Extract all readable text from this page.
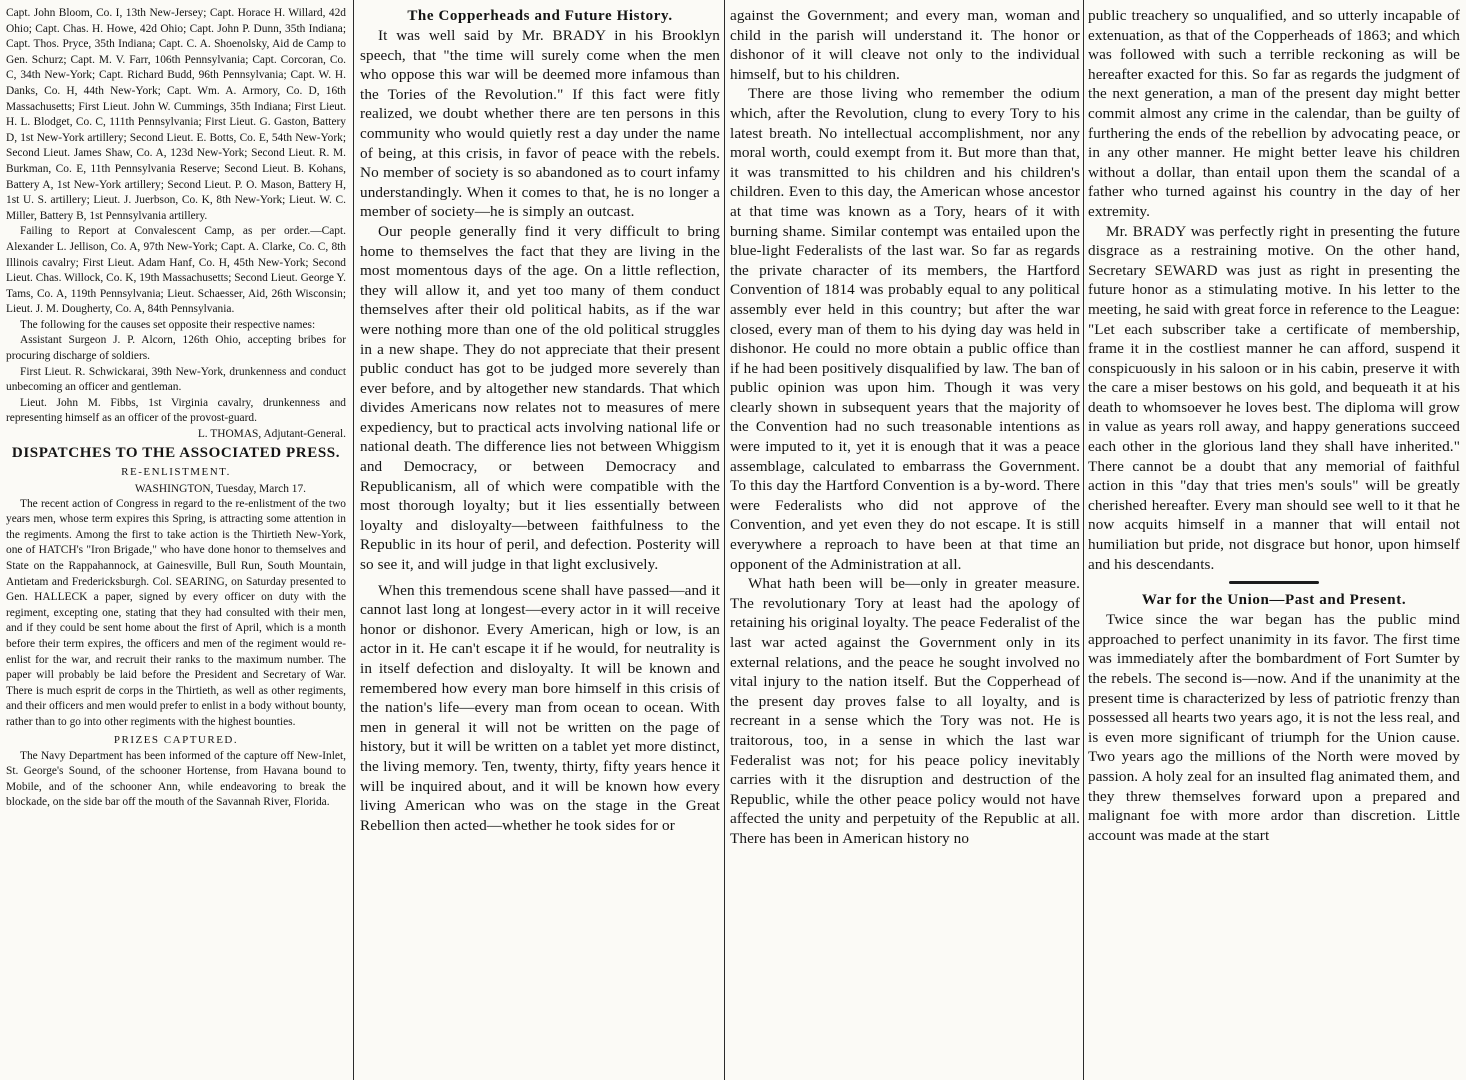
Capt. John Bloom, Co. I, 13th New-Jersey; Capt. Horace H. Willard, 42d Ohio; Capt. Chas. H. Howe, 42d Ohio; Capt. John P. Dunn, 35th Indiana; Capt. Thos. Pryce, 35th Indiana; Capt. C. A. Shoenolsky, Aid de Camp to Gen. Schurz; Capt. M. V. Farr, 106th Pennsylvania; Capt. Corcoran, Co. C, 34th New-York; Capt. Richard Budd, 96th Pennsylvania; Capt. W. H. Danks, Co. H, 44th New-York; Capt. Wm. A. Armory, Co. D, 16th Massachusetts; First Lieut. John W. Cummings, 35th Indiana; First Lieut. H. L. Blodget, Co. C, 111th Pennsylvania; First Lieut. G. Gaston, Battery D, 1st New-York artillery; Second Lieut. E. Botts, Co. E, 54th New-York; Second Lieut. James Shaw, Co. A, 123d New-York; Second Lieut. R. M. Burkman, Co. E, 11th Pennsylvania Reserve; Second Lieut. B. Kohans, Battery A, 1st New-York artillery; Second Lieut. P. O. Mason, Battery H, 1st U. S. artillery; Lieut. J. Juerbson, Co. K, 8th New-York; Lieut. W. C. Miller, Battery B, 1st Pennsylvania artillery.

Failing to Report at Convalescent Camp, as per order.—Capt. Alexander L. Jellison, Co. A, 97th New-York; Capt. A. Clarke, Co. C, 8th Illinois cavalry; First Lieut. Adam Hanf, Co. H, 45th New-York; Second Lieut. Chas. Willock, Co. K, 19th Massachusetts; Second Lieut. George Y. Tams, Co. A, 119th Pennsylvania; Lieut. Schaesser, Aid, 26th Wisconsin; Lieut. J. M. Dougherty, Co. A, 84th Pennsylvania.

The following for the causes set opposite their respective names:

Assistant Surgeon J. P. Alcorn, 126th Ohio, accepting bribes for procuring discharge of soldiers.

First Lieut. R. Schwickarai, 39th New-York, drunkenness and conduct unbecoming an officer and gentleman.

Lieut. John M. Fibbs, 1st Virginia cavalry, drunkenness and representing himself as an officer of the provost-guard.

L. THOMAS, Adjutant-General.

DISPATCHES TO THE ASSOCIATED PRESS.
RE-ENLISTMENT.
WASHINGTON, Tuesday, March 17.

The recent action of Congress in regard to the re-enlistment of the two years men, whose term expires this Spring, is attracting some attention in the regiments. Among the first to take action is the Thirtieth New-York, one of HATCH's "Iron Brigade," who have done honor to themselves and State on the Rappahannock, at Gainesville, Bull Run, South Mountain, Antietam and Fredericksburgh. Col. SEARING, on Saturday presented to Gen. HALLECK a paper, signed by every officer on duty with the regiment, excepting one, stating that they had consulted with their men, and if they could be sent home about the first of April, which is a month before their term expires, the officers and men of the regiment would re-enlist for the war, and recruit their ranks to the maximum number. The paper will probably be laid before the President and Secretary of War. There is much esprit de corps in the Thirtieth, as well as other regiments, and their officers and men would prefer to enlist in a body without bounty, rather than to go into other regiments with the highest bounties.

PRIZES CAPTURED.

The Navy Department has been informed of the capture off New-Inlet, St. George's Sound, of the schooner Hortense, from Havana bound to Mobile, and of the schooner Ann, while endeavoring to break the blockade, on the side bar off the mouth of the Savannah River, Florida.

The Copperheads and Future History.

It was well said by Mr. BRADY in his Brooklyn speech, that "the time will surely come when the men who oppose this war will be deemed more infamous than the Tories of the Revolution." If this fact were fitly realized, we doubt whether there are ten persons in this community who would quietly rest a day under the name of being, at this crisis, in favor of peace with the rebels. No member of society is so abandoned as to court infamy understandingly. When it comes to that, he is no longer a member of society—he is simply an outcast.

Our people generally find it very difficult to bring home to themselves the fact that they are living in the most momentous days of the age. On a little reflection, they will allow it, and yet too many of them conduct themselves after their old political habits, as if the war were nothing more than one of the old political struggles in a new shape. They do not appreciate that their present public conduct has got to be judged more severely than ever before, and by altogether new standards. That which divides Americans now relates not to measures of mere expediency, but to practical acts involving national life or national death. The difference lies not between Whiggism and Democracy, or between Democracy and Republicanism, all of which were compatible with the most thorough loyalty; but it lies essentially between loyalty and disloyalty—between faithfulness to the Republic in its hour of peril, and defection. Posterity will so see it, and will judge in that light exclusively.

When this tremendous scene shall have passed—and it cannot last long at longest—every actor in it will receive honor or dishonor. Every American, high or low, is an actor in it. He can't escape it if he would, for neutrality is in itself defection and disloyalty. It will be known and remembered how every man bore himself in this crisis of the nation's life—every man from ocean to ocean. With men in general it will not be written on the page of history, but it will be written on a tablet yet more distinct, the living memory. Ten, twenty, thirty, fifty years hence it will be inquired about, and it will be known how every living American who was on the stage in the Great Rebellion then acted—whether he took sides for or

against the Government; and every man, woman and child in the parish will understand it. The honor or dishonor of it will cleave not only to the individual himself, but to his children.

There are those living who remember the odium which, after the Revolution, clung to every Tory to his latest breath. No intellectual accomplishment, nor any moral worth, could exempt from it. But more than that, it was transmitted to his children and his children's children. Even to this day, the American whose ancestor at that time was known as a Tory, hears of it with burning shame. Similar contempt was entailed upon the blue-light Federalists of the last war. So far as regards the private character of its members, the Hartford Convention of 1814 was probably equal to any political assembly ever held in this country; but after the war closed, every man of them to his dying day was held in dishonor. He could no more obtain a public office than if he had been positively disqualified by law. The ban of public opinion was upon him. Though it was very clearly shown in subsequent years that the majority of the Convention had no such treasonable intentions as were imputed to it, yet it is enough that it was a peace assemblage, calculated to embarrass the Government. To this day the Hartford Convention is a by-word. There were Federalists who did not approve of the Convention, and yet even they do not escape. It is still everywhere a reproach to have been at that time an opponent of the Administration at all.

What hath been will be—only in greater measure. The revolutionary Tory at least had the apology of retaining his original loyalty. The peace Federalist of the last war acted against the Government only in its external relations, and the peace he sought involved no vital injury to the nation itself. But the Copperhead of the present day proves false to all loyalty, and is recreant in a sense which the Tory was not. He is traitorous, too, in a sense in which the last war Federalist was not; for his peace policy inevitably carries with it the disruption and destruction of the Republic, while the other peace policy would not have affected the unity and perpetuity of the Republic at all. There has been in American history no

public treachery so unqualified, and so utterly incapable of extenuation, as that of the Copperheads of 1863; and which was followed with such a terrible reckoning as will be hereafter exacted for this. So far as regards the judgment of the next generation, a man of the present day might better commit almost any crime in the calendar, than be guilty of furthering the ends of the rebellion by advocating peace, or in any other manner. He might better leave his children without a dollar, than entail upon them the scandal of a father who turned against his country in the day of her extremity.

Mr. BRADY was perfectly right in presenting the future disgrace as a restraining motive. On the other hand, Secretary SEWARD was just as right in presenting the future honor as a stimulating motive. In his letter to the meeting, he said with great force in reference to the League: "Let each subscriber take a certificate of membership, frame it in the costliest manner he can afford, suspend it conspicuously in his saloon or in his cabin, preserve it with the care a miser bestows on his gold, and bequeath it at his death to whomsoever he loves best. The diploma will grow in value as years roll away, and happy generations succeed each other in the glorious land they shall have inherited." There cannot be a doubt that any memorial of faithful action in this "day that tries men's souls" will be greatly cherished hereafter. Every man should see well to it that he now acquits himself in a manner that will entail not humiliation but pride, not disgrace but honor, upon himself and his descendants.

War for the Union—Past and Present.

Twice since the war began has the public mind approached to perfect unanimity in its favor. The first time was immediately after the bombardment of Fort Sumter by the rebels. The second is—now. And if the unanimity at the present time is characterized by less of patriotic frenzy than possessed all hearts two years ago, it is not the less real, and is even more significant of triumph for the Union cause. Two years ago the millions of the North were moved by passion. A holy zeal for an insulted flag animated them, and they threw themselves forward upon a prepared and malignant foe with more ardor than discretion. Little account was made at the start
